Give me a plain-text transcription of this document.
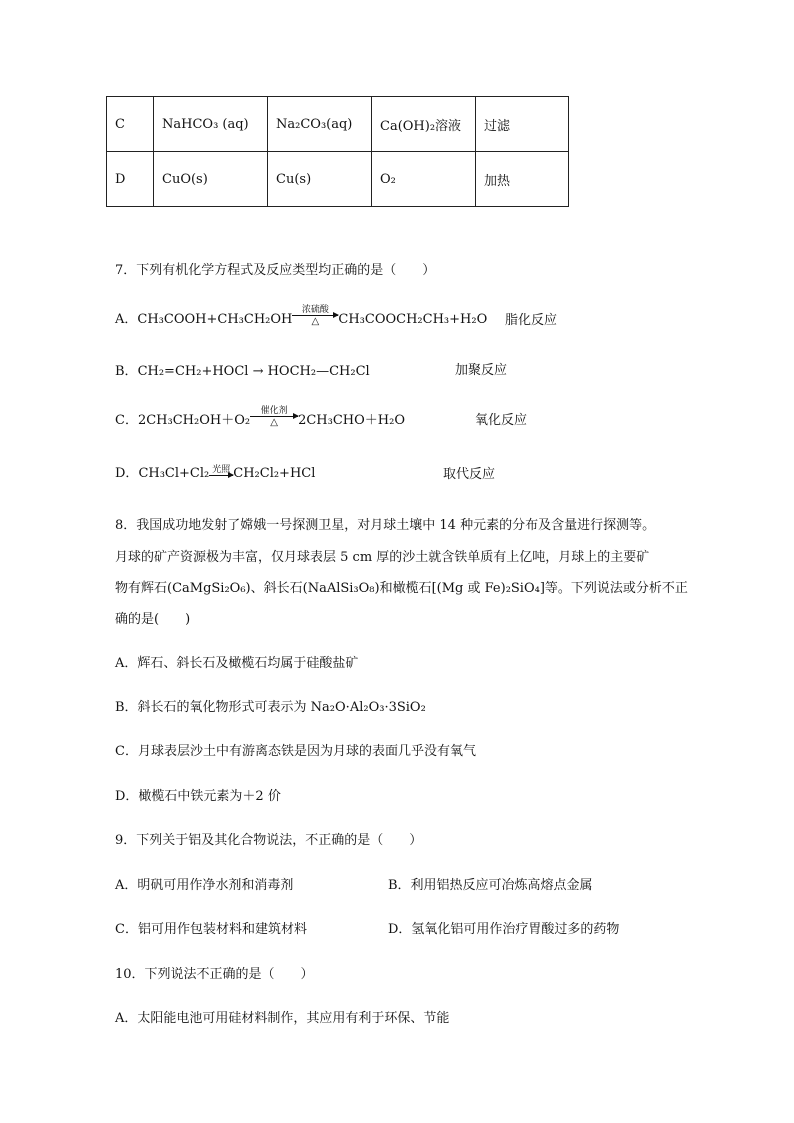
C	NaHCO₃ (aq)	Na₂CO₃(aq)	Ca(OH)₂溶液	过滤
D	CuO(s)	Cu(s)	O₂	加热
7．下列有机化学方程式及反应类型均正确的是（　　）
A．CH₃COOH+CH₃CH₂OH
浓硫酸
△	CH₃COOCH₂CH₃+H₂O 脂化反应
B．CH₂=CH₂+HOCl → HOCH₂—CH₂Cl	加聚反应
C．2CH₃CH₂OH＋O₂
催化剂
△	2CH₃CHO＋H₂O	氧化反应
D．CH₃Cl+Cl₂ 光照 CH₂Cl₂+HCl	取代反应
8．我国成功地发射了嫦娥一号探测卫星，对月球土壤中 14 种元素的分布及含量进行探测等。
月球的矿产资源极为丰富，仅月球表层 5 cm 厚的沙土就含铁单质有上亿吨，月球上的主要矿
物有辉石(CaMgSi₂O₆)、斜长石(NaAlSi₃O₈)和橄榄石[(Mg 或 Fe)₂SiO₄]等。下列说法或分析不正
确的是(　　)
A．辉石、斜长石及橄榄石均属于硅酸盐矿
B．斜长石的氧化物形式可表示为 Na₂O·Al₂O₃·3SiO₂
C．月球表层沙土中有游离态铁是因为月球的表面几乎没有氧气
D．橄榄石中铁元素为＋2 价
9．下列关于铝及其化合物说法，不正确的是（　　）
A．明矾可用作净水剂和消毒剂	B．利用铝热反应可冶炼高熔点金属
C．铝可用作包装材料和建筑材料	D．氢氧化铝可用作治疗胃酸过多的药物
10．下列说法不正确的是（　　）
A．太阳能电池可用硅材料制作，其应用有利于环保、节能
